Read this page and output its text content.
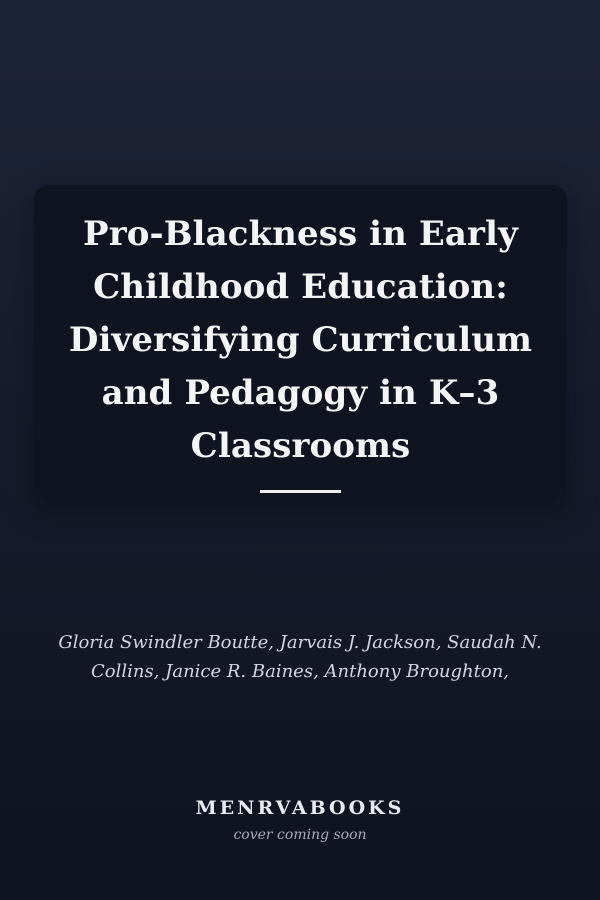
Pro-Blackness in Early Childhood Education: Diversifying Curriculum and Pedagogy in K–3 Classrooms
Gloria Swindler Boutte, Jarvais J. Jackson, Saudah N. Collins, Janice R. Baines, Anthony Broughton,
MENRVABOOKS
cover coming soon
